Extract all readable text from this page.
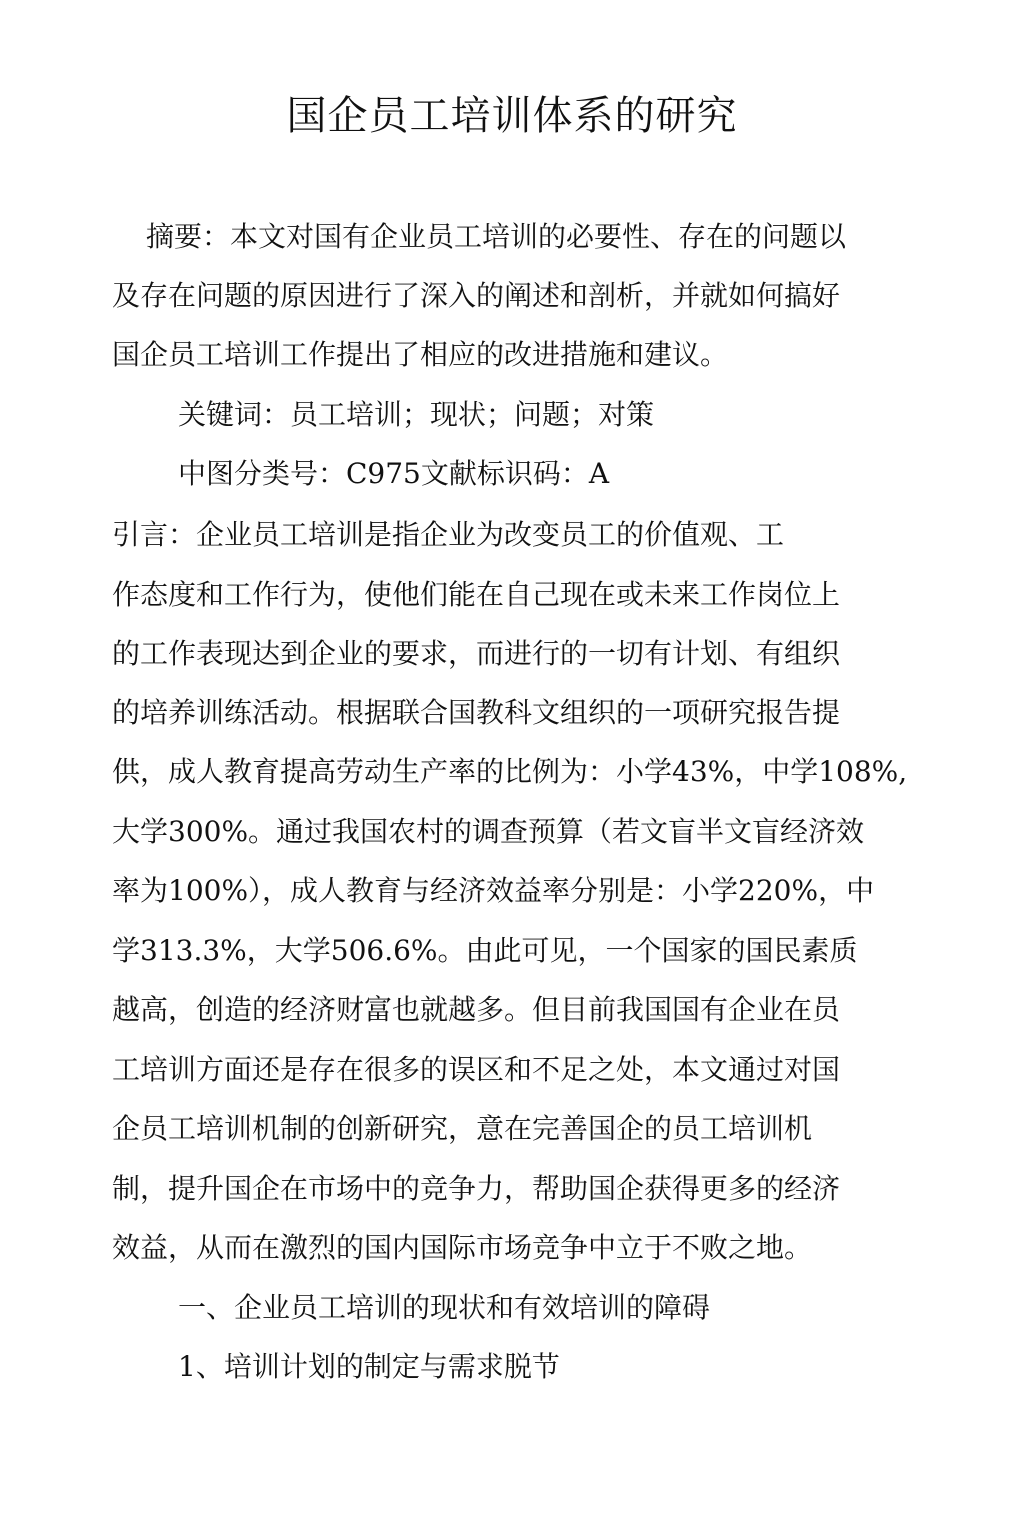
国企员工培训体系的研究
摘要：本文对国有企业员工培训的必要性、存在的问题以
及存在问题的原因进行了深入的阐述和剖析，并就如何搞好
国企员工培训工作提出了相应的改进措施和建议。
关键词：员工培训；现状；问题；对策
中图分类号：C975文献标识码：A
引言：企业员工培训是指企业为改变员工的价值观、工
作态度和工作行为，使他们能在自己现在或未来工作岗位上
的工作表现达到企业的要求，而进行的一切有计划、有组织
的培养训练活动。根据联合国教科文组织的一项研究报告提
供，成人教育提高劳动生产率的比例为：小学43%，中学108%,
大学300%。通过我国农村的调查预算（若文盲半文盲经济效
率为100%），成人教育与经济效益率分别是：小学220%，中
学313.3%，大学506.6%。由此可见，一个国家的国民素质
越高，创造的经济财富也就越多。但目前我国国有企业在员
工培训方面还是存在很多的误区和不足之处，本文通过对国
企员工培训机制的创新研究，意在完善国企的员工培训机
制，提升国企在市场中的竞争力，帮助国企获得更多的经济
效益，从而在激烈的国内国际市场竞争中立于不败之地。
一、企业员工培训的现状和有效培训的障碍
1、培训计划的制定与需求脱节
